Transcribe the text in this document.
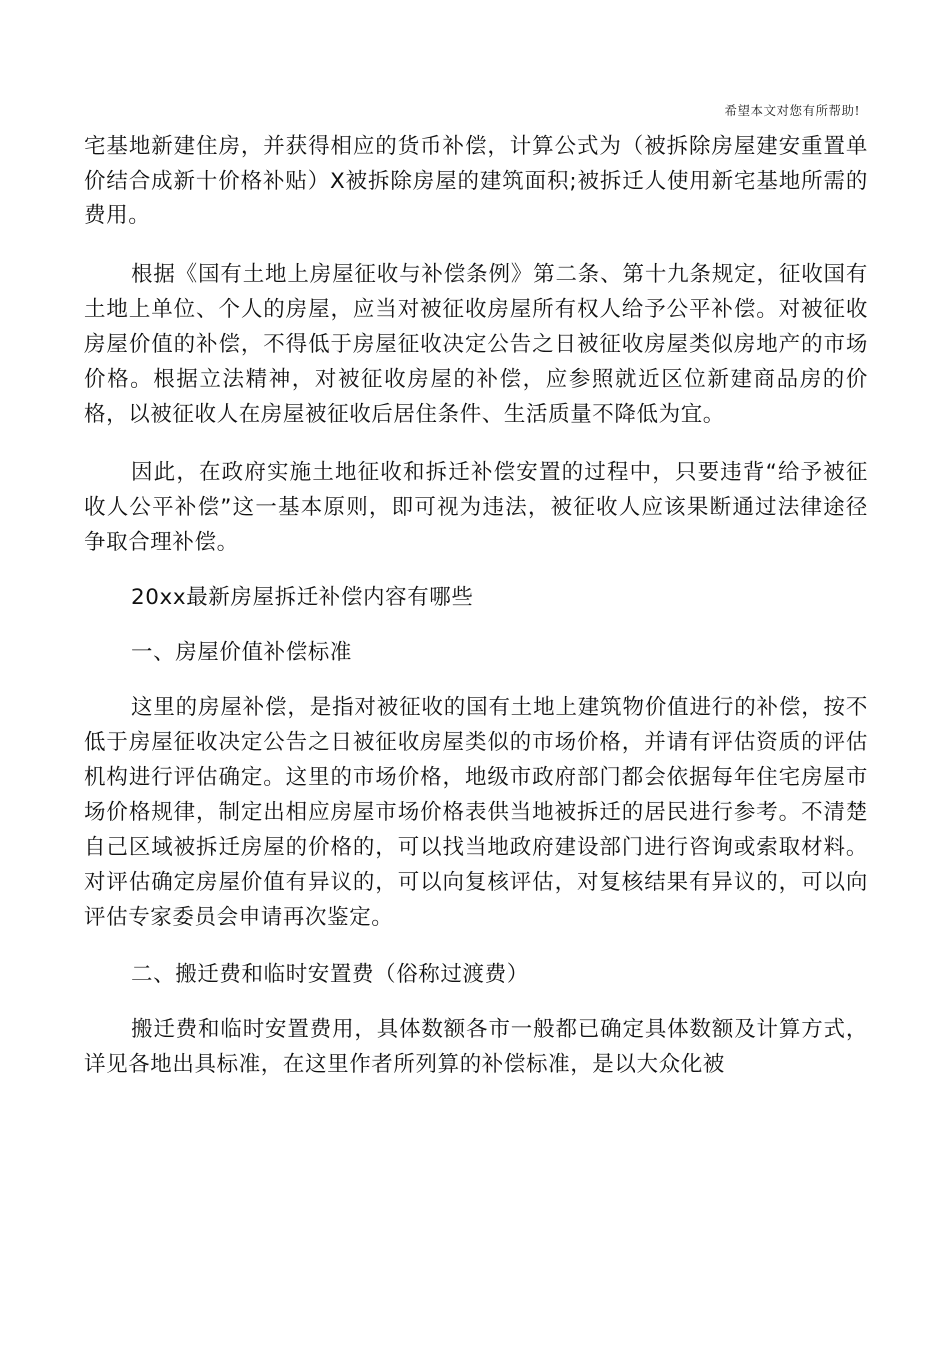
希望本文对您有所帮助!

宅基地新建住房，并获得相应的货币补偿，计算公式为（被拆除房屋建安重置单价结合成新十价格补贴）X被拆除房屋的建筑面积;被拆迁人使用新宅基地所需的费用。

根据《国有土地上房屋征收与补偿条例》第二条、第十九条规定，征收国有土地上单位、个人的房屋，应当对被征收房屋所有权人给予公平补偿。对被征收房屋价值的补偿，不得低于房屋征收决定公告之日被征收房屋类似房地产的市场价格。根据立法精神，对被征收房屋的补偿，应参照就近区位新建商品房的价格，以被征收人在房屋被征收后居住条件、生活质量不降低为宜。

因此，在政府实施土地征收和拆迁补偿安置的过程中，只要违背“给予被征收人公平补偿”这一基本原则，即可视为违法，被征收人应该果断通过法律途径争取合理补偿。

20xx最新房屋拆迁补偿内容有哪些

一、房屋价值补偿标准

这里的房屋补偿，是指对被征收的国有土地上建筑物价值进行的补偿，按不低于房屋征收决定公告之日被征收房屋类似的市场价格，并请有评估资质的评估机构进行评估确定。这里的市场价格，地级市政府部门都会依据每年住宅房屋市场价格规律，制定出相应房屋市场价格表供当地被拆迁的居民进行参考。不清楚自己区域被拆迁房屋的价格的，可以找当地政府建设部门进行咨询或索取材料。对评估确定房屋价值有异议的，可以向复核评估，对复核结果有异议的，可以向评估专家委员会申请再次鉴定。

二、搬迁费和临时安置费（俗称过渡费）

搬迁费和临时安置费用，具体数额各市一般都已确定具体数额及计算方式，详见各地出具标准，在这里作者所列算的补偿标准，是以大众化被
